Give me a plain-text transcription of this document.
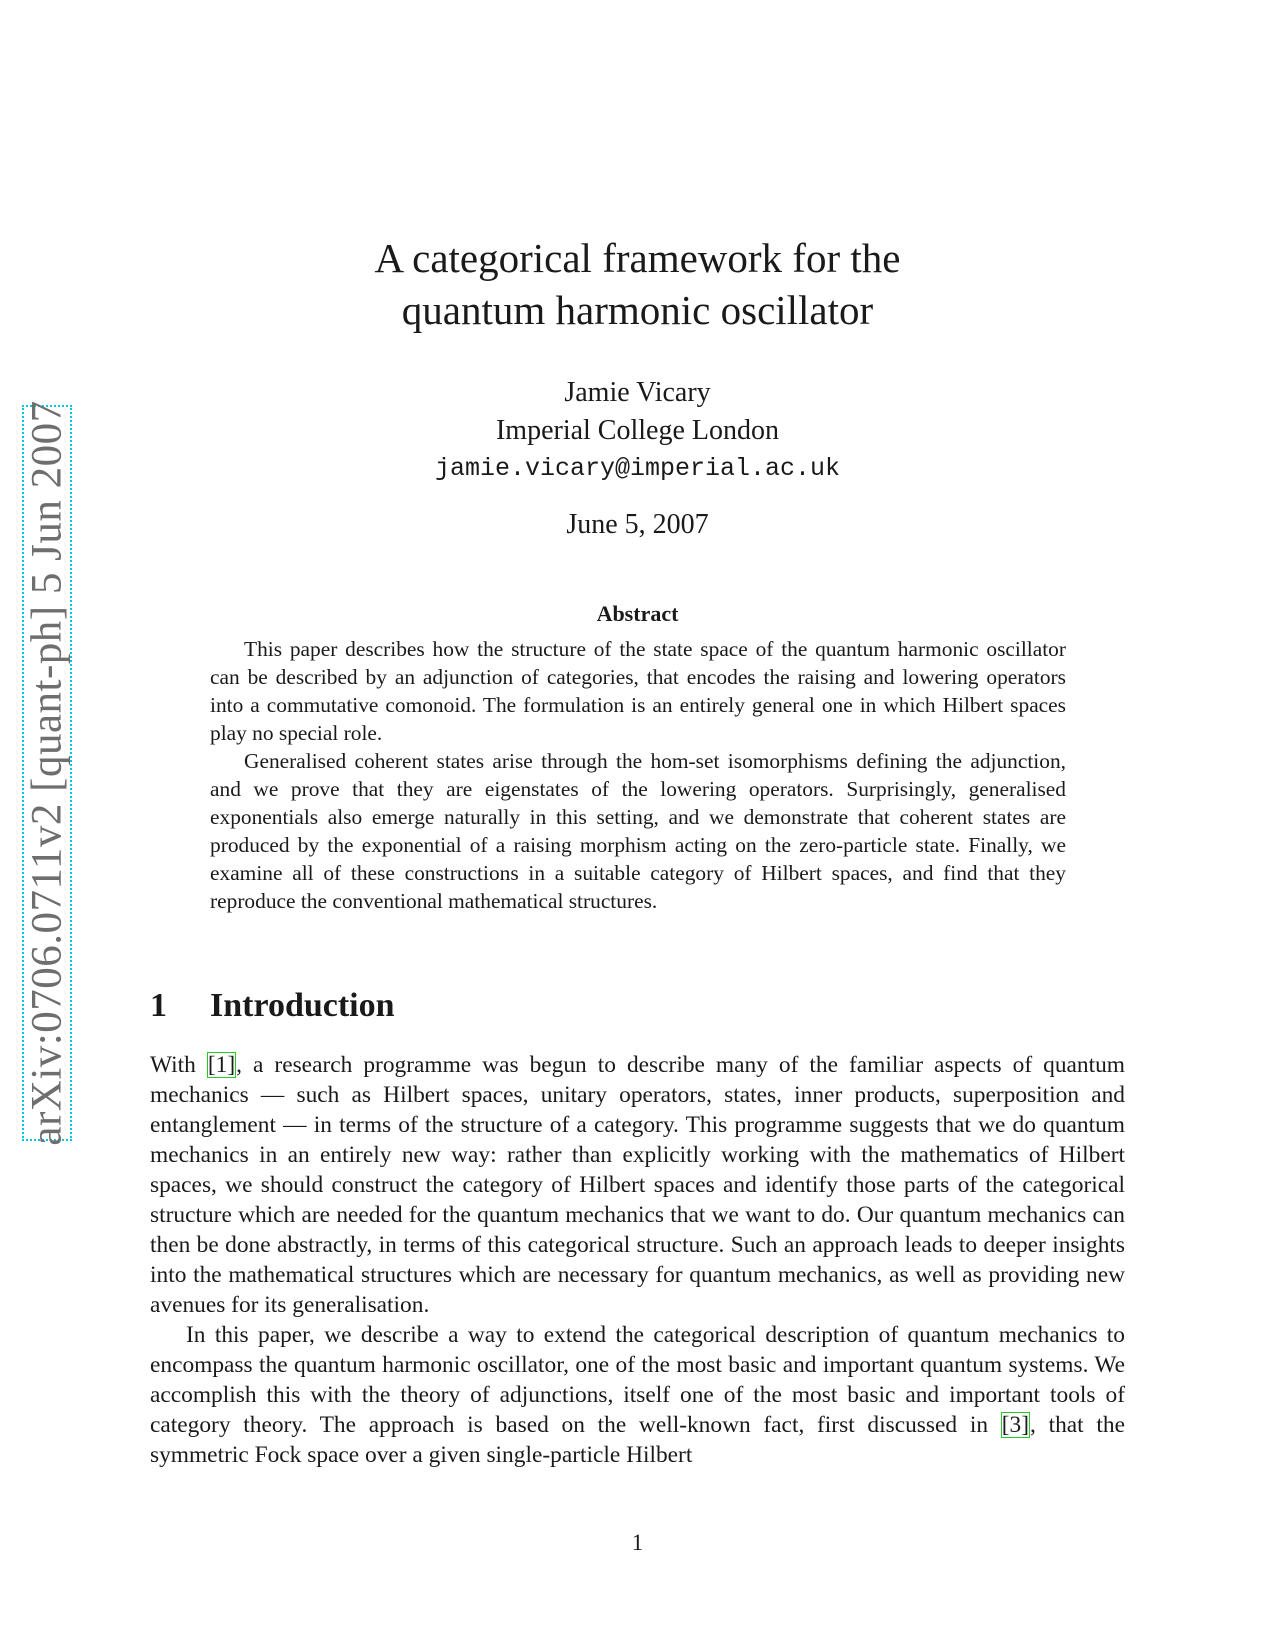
arXiv:0706.0711v2 [quant-ph] 5 Jun 2007
A categorical framework for the
quantum harmonic oscillator
Jamie Vicary
Imperial College London
jamie.vicary@imperial.ac.uk
June 5, 2007
Abstract

This paper describes how the structure of the state space of the quantum harmonic oscillator can be described by an adjunction of categories, that encodes the raising and lowering operators into a commutative comonoid. The formulation is an entirely general one in which Hilbert spaces play no special role.

Generalised coherent states arise through the hom-set isomorphisms defining the adjunction, and we prove that they are eigenstates of the lowering operators. Surprisingly, generalised exponentials also emerge naturally in this setting, and we demonstrate that coherent states are produced by the exponential of a raising morphism acting on the zero-particle state. Finally, we examine all of these constructions in a suitable category of Hilbert spaces, and find that they reproduce the conventional mathematical structures.

1 Introduction

With [1], a research programme was begun to describe many of the familiar aspects of quantum mechanics — such as Hilbert spaces, unitary operators, states, inner products, superposition and entanglement — in terms of the structure of a category. This programme suggests that we do quantum mechanics in an entirely new way: rather than explicitly working with the mathematics of Hilbert spaces, we should construct the category of Hilbert spaces and identify those parts of the categorical structure which are needed for the quantum mechanics that we want to do. Our quantum mechanics can then be done abstractly, in terms of this categorical structure. Such an approach leads to deeper insights into the mathematical structures which are necessary for quantum mechanics, as well as providing new avenues for its generalisation.

In this paper, we describe a way to extend the categorical description of quantum mechanics to encompass the quantum harmonic oscillator, one of the most basic and important quantum systems. We accomplish this with the theory of adjunctions, itself one of the most basic and important tools of category theory. The approach is based on the well-known fact, first discussed in [3], that the symmetric Fock space over a given single-particle Hilbert

1
